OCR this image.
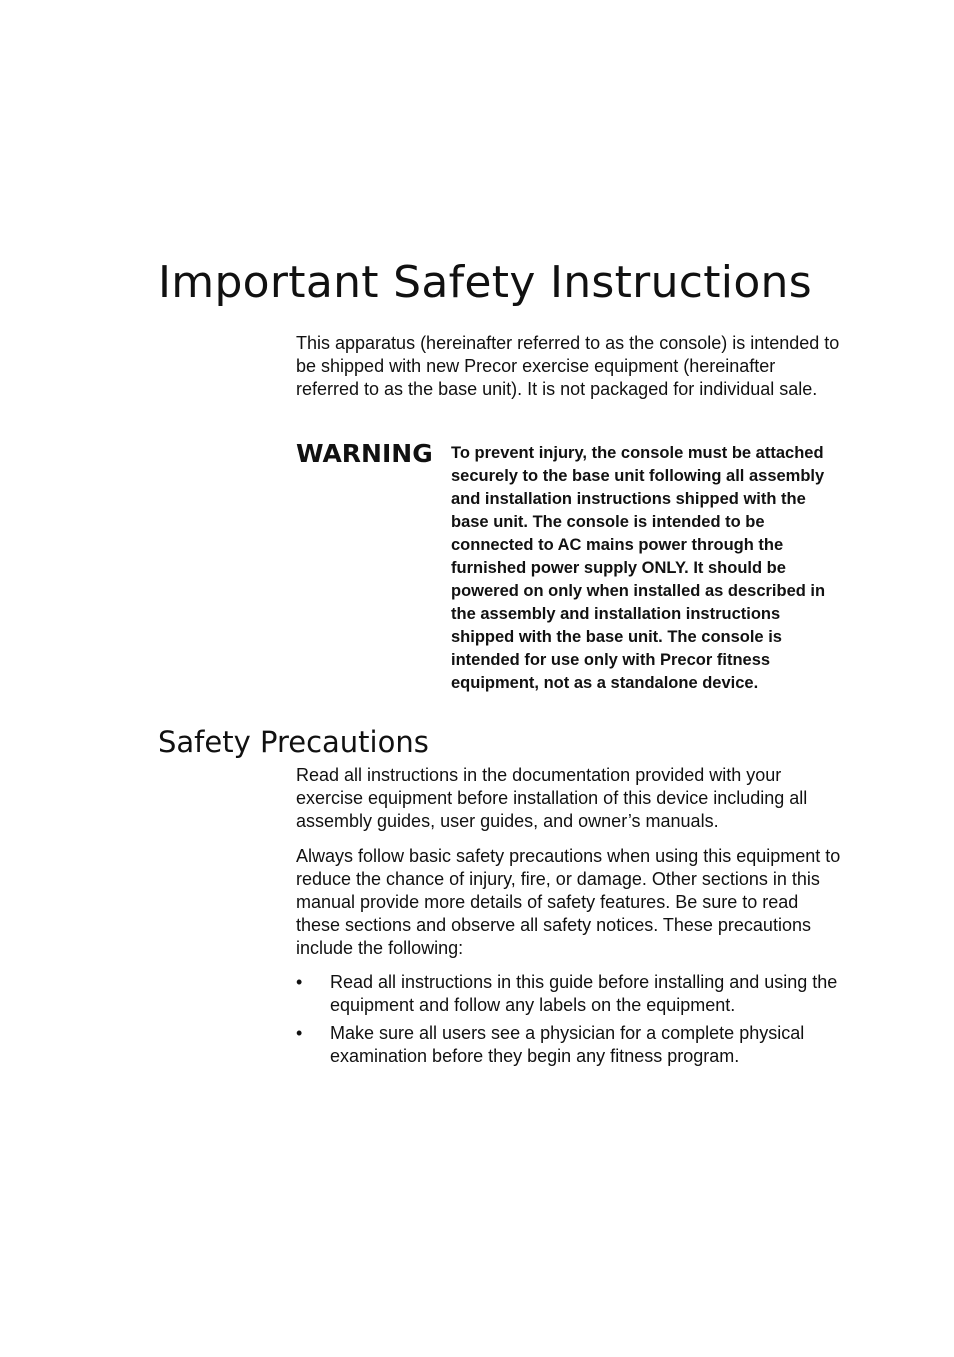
Important Safety Instructions

This apparatus (hereinafter referred to as the console) is intended to be shipped with new Precor exercise equipment (hereinafter referred to as the base unit). It is not packaged for individual sale.

WARNING To prevent injury, the console must be attached securely to the base unit following all assembly and installation instructions shipped with the base unit. The console is intended to be connected to AC mains power through the furnished power supply ONLY. It should be powered on only when installed as described in the assembly and installation instructions shipped with the base unit. The console is intended for use only with Precor fitness equipment, not as a standalone device.

Safety Precautions

Read all instructions in the documentation provided with your exercise equipment before installation of this device including all assembly guides, user guides, and owner’s manuals.

Always follow basic safety precautions when using this equipment to reduce the chance of injury, fire, or damage. Other sections in this manual provide more details of safety features. Be sure to read these sections and observe all safety notices. These precautions include the following:

• Read all instructions in this guide before installing and using the equipment and follow any labels on the equipment.
• Make sure all users see a physician for a complete physical examination before they begin any fitness program.
